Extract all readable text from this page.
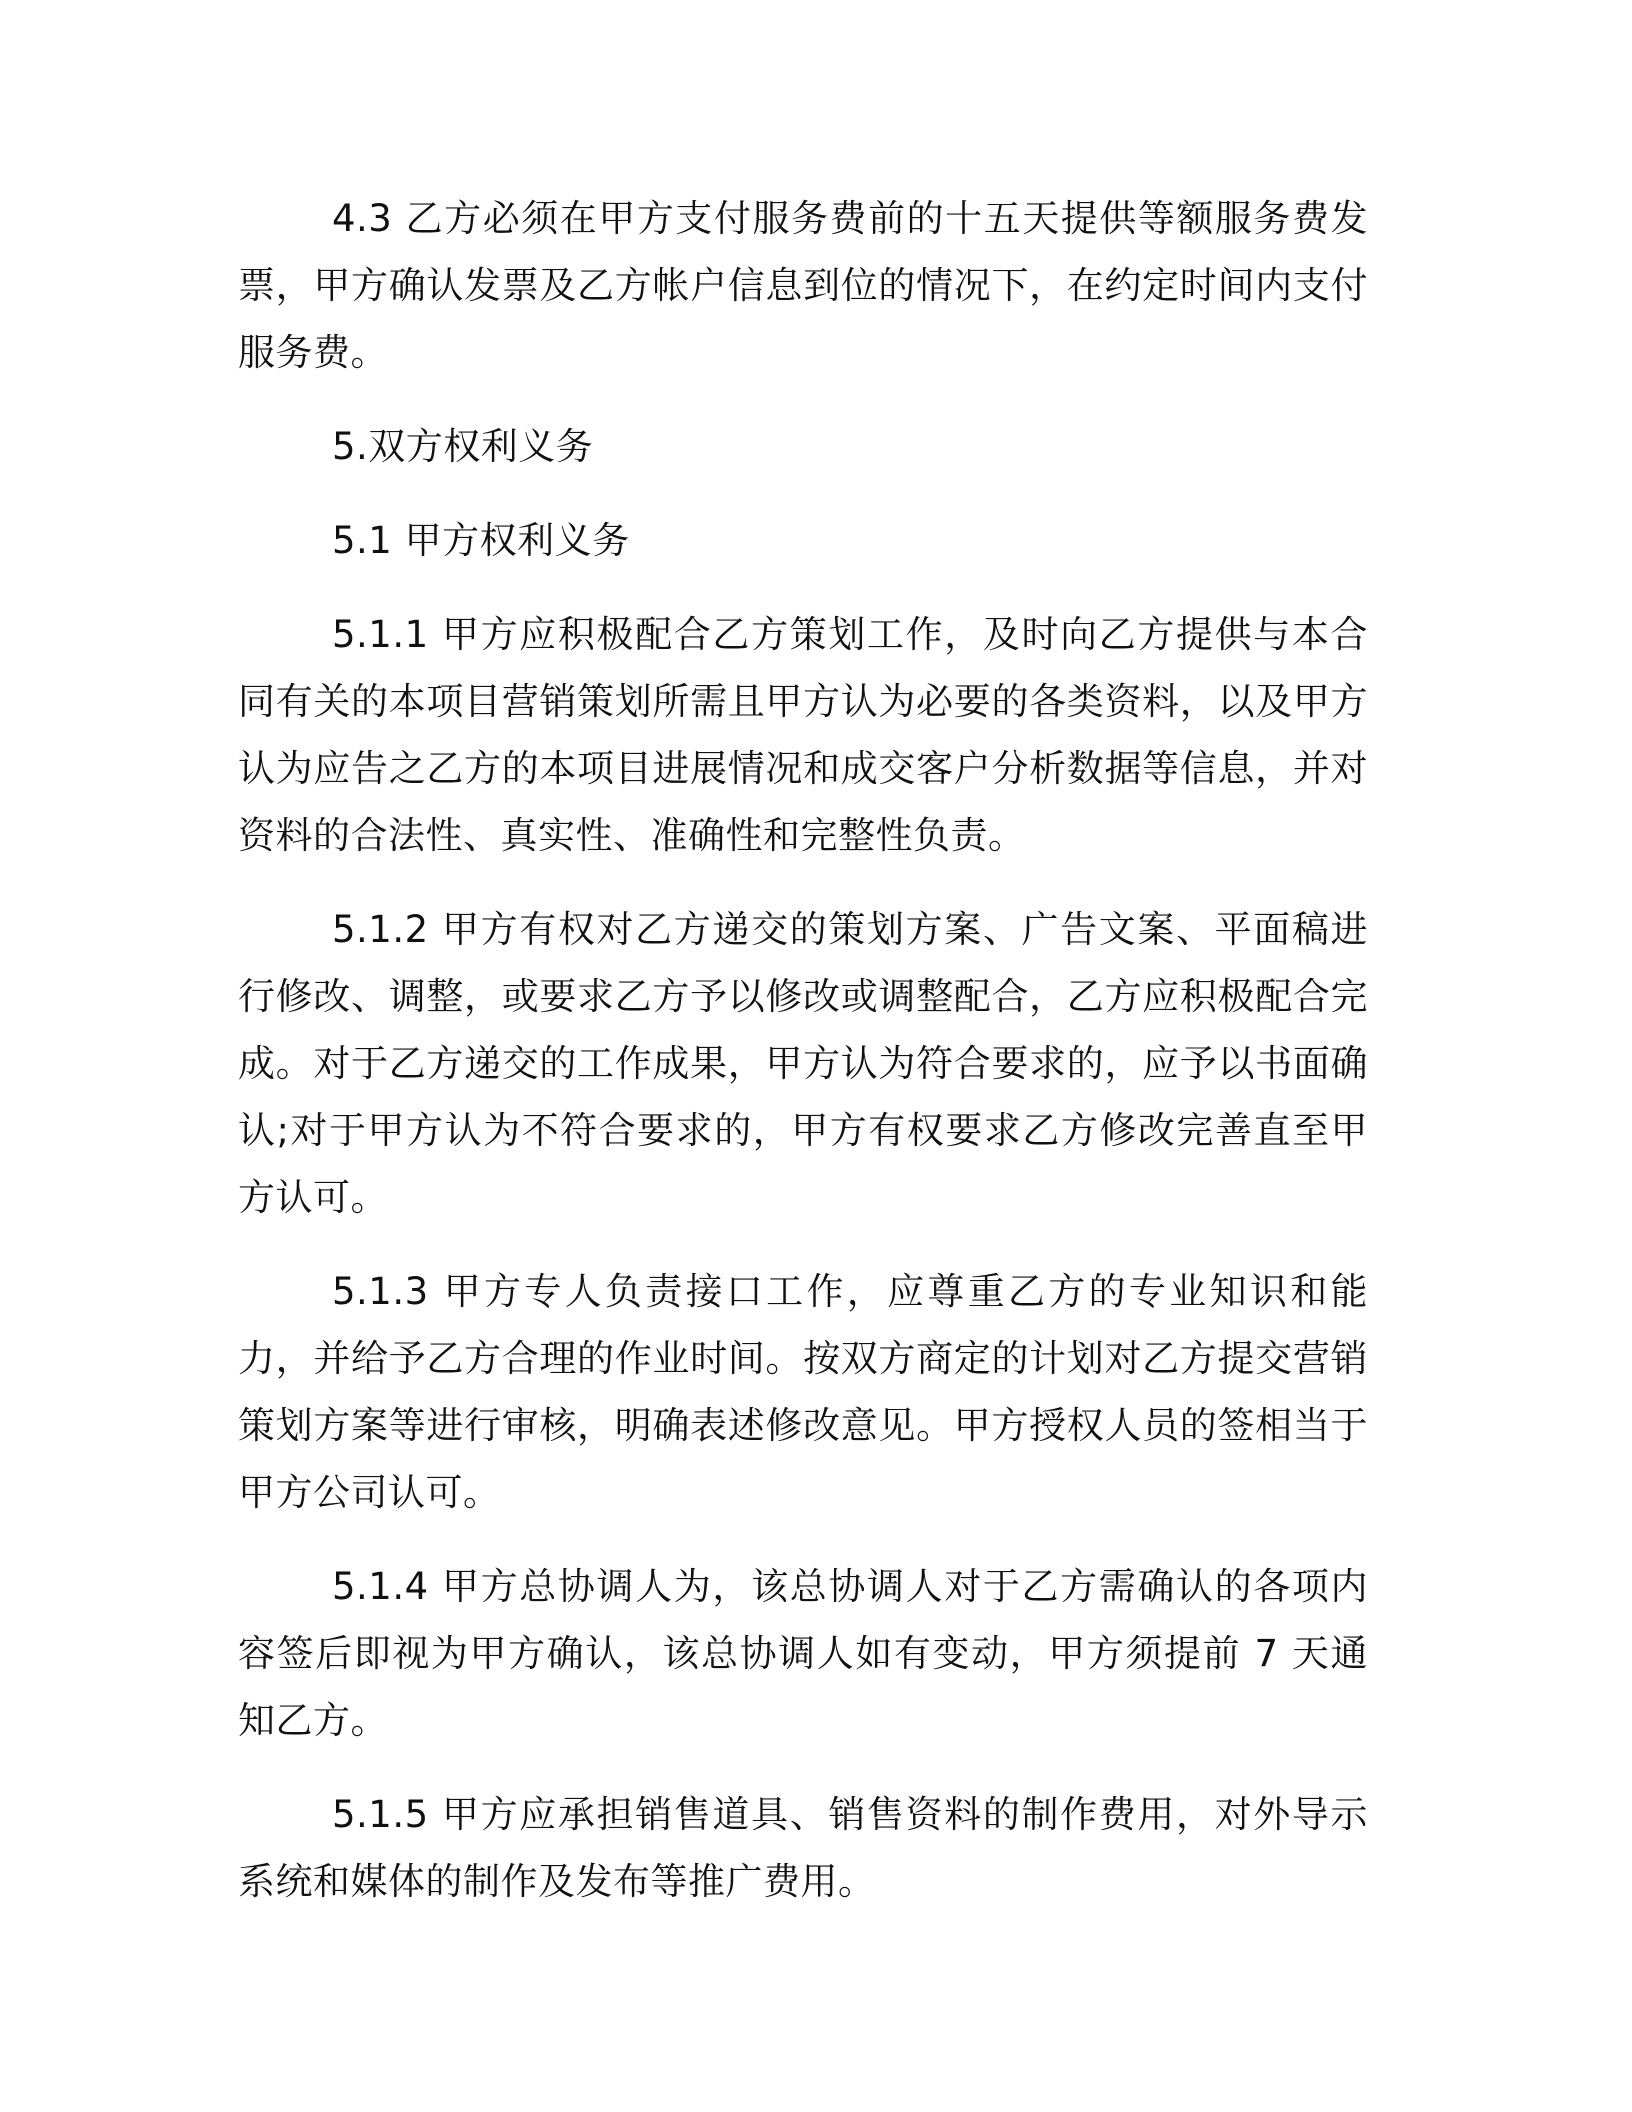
4.3 乙方必须在甲方支付服务费前的十五天提供等额服务费发票，甲方确认发票及乙方帐户信息到位的情况下，在约定时间内支付服务费。

5.双方权利义务

5.1 甲方权利义务

5.1.1 甲方应积极配合乙方策划工作，及时向乙方提供与本合同有关的本项目营销策划所需且甲方认为必要的各类资料，以及甲方认为应告之乙方的本项目进展情况和成交客户分析数据等信息，并对资料的合法性、真实性、准确性和完整性负责。

5.1.2 甲方有权对乙方递交的策划方案、广告文案、平面稿进行修改、调整，或要求乙方予以修改或调整配合，乙方应积极配合完成。对于乙方递交的工作成果，甲方认为符合要求的，应予以书面确认;对于甲方认为不符合要求的，甲方有权要求乙方修改完善直至甲方认可。

5.1.3 甲方专人负责接口工作，应尊重乙方的专业知识和能力，并给予乙方合理的作业时间。按双方商定的计划对乙方提交营销策划方案等进行审核，明确表述修改意见。甲方授权人员的签相当于甲方公司认可。

5.1.4 甲方总协调人为，该总协调人对于乙方需确认的各项内容签后即视为甲方确认，该总协调人如有变动，甲方须提前 7 天通知乙方。

5.1.5 甲方应承担销售道具、销售资料的制作费用，对外导示系统和媒体的制作及发布等推广费用。
